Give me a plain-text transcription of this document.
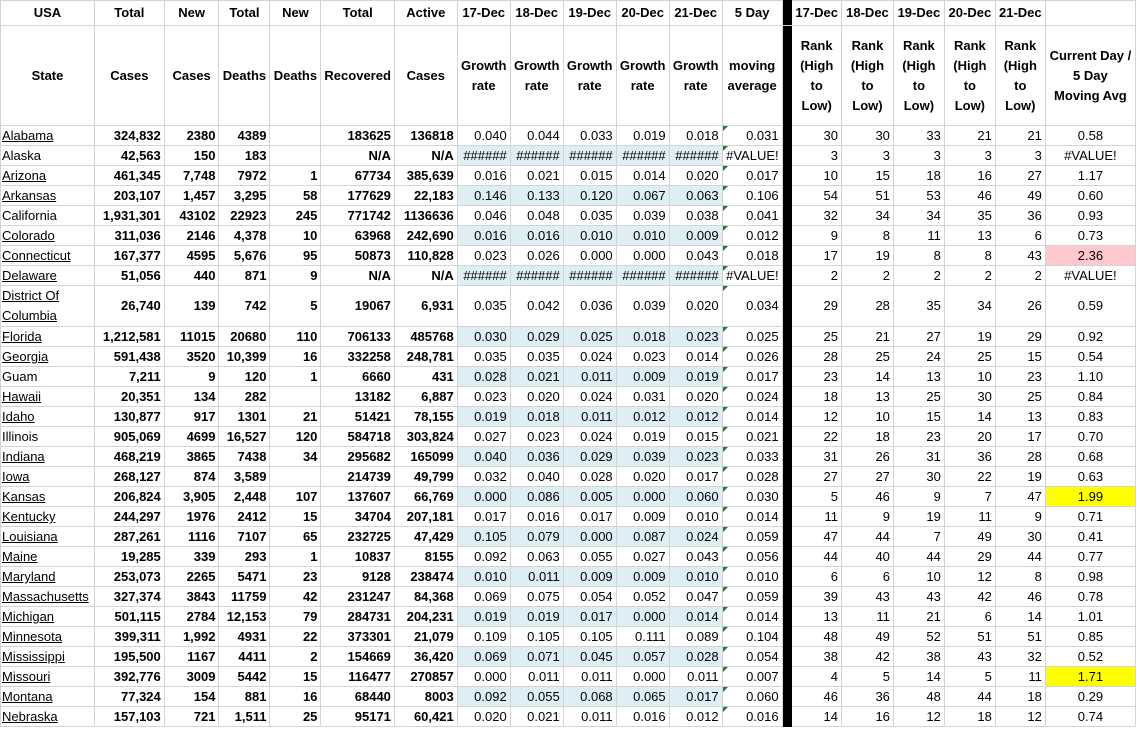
USA	Total	New	Total	New	Total	Active	17-Dec	18-Dec	19-Dec	20-Dec	21-Dec	5 Day		17-Dec	18-Dec	19-Dec	20-Dec	21-Dec	
State	Cases	Cases	Deaths	Deaths	Recovered	Cases	Growth rate	Growth rate	Growth rate	Growth rate	Growth rate	moving average		Rank (High to Low)	Rank (High to Low)	Rank (High to Low)	Rank (High to Low)	Rank (High to Low)	Current Day / 5 Day Moving Avg
Alabama	324,832	2380	4389		183625	136818	0.040	0.044	0.033	0.019	0.018	0.031		30	30	33	21	21	0.58
Alaska	42,563	150	183		N/A	N/A	######	######	######	######	######	#VALUE!		3	3	3	3	3	#VALUE!
Arizona	461,345	7,748	7972	1	67734	385,639	0.016	0.021	0.015	0.014	0.020	0.017		10	15	18	16	27	1.17
Arkansas	203,107	1,457	3,295	58	177629	22,183	0.146	0.133	0.120	0.067	0.063	0.106		54	51	53	46	49	0.60
California	1,931,301	43102	22923	245	771742	1136636	0.046	0.048	0.035	0.039	0.038	0.041		32	34	34	35	36	0.93
Colorado	311,036	2146	4,378	10	63968	242,690	0.016	0.016	0.010	0.010	0.009	0.012		9	8	11	13	6	0.73
Connecticut	167,377	4595	5,676	95	50873	110,828	0.023	0.026	0.000	0.000	0.043	0.018		17	19	8	8	43	2.36
Delaware	51,056	440	871	9	N/A	N/A	######	######	######	######	######	#VALUE!		2	2	2	2	2	#VALUE!
District Of Columbia	26,740	139	742	5	19067	6,931	0.035	0.042	0.036	0.039	0.020	0.034		29	28	35	34	26	0.59
Florida	1,212,581	11015	20680	110	706133	485768	0.030	0.029	0.025	0.018	0.023	0.025		25	21	27	19	29	0.92
Georgia	591,438	3520	10,399	16	332258	248,781	0.035	0.035	0.024	0.023	0.014	0.026		28	25	24	25	15	0.54
Guam	7,211	9	120	1	6660	431	0.028	0.021	0.011	0.009	0.019	0.017		23	14	13	10	23	1.10
Hawaii	20,351	134	282		13182	6,887	0.023	0.020	0.024	0.031	0.020	0.024		18	13	25	30	25	0.84
Idaho	130,877	917	1301	21	51421	78,155	0.019	0.018	0.011	0.012	0.012	0.014		12	10	15	14	13	0.83
Illinois	905,069	4699	16,527	120	584718	303,824	0.027	0.023	0.024	0.019	0.015	0.021		22	18	23	20	17	0.70
Indiana	468,219	3865	7438	34	295682	165099	0.040	0.036	0.029	0.039	0.023	0.033		31	26	31	36	28	0.68
Iowa	268,127	874	3,589		214739	49,799	0.032	0.040	0.028	0.020	0.017	0.028		27	27	30	22	19	0.63
Kansas	206,824	3,905	2,448	107	137607	66,769	0.000	0.086	0.005	0.000	0.060	0.030		5	46	9	7	47	1.99
Kentucky	244,297	1976	2412	15	34704	207,181	0.017	0.016	0.017	0.009	0.010	0.014		11	9	19	11	9	0.71
Louisiana	287,261	1116	7107	65	232725	47,429	0.105	0.079	0.000	0.087	0.024	0.059		47	44	7	49	30	0.41
Maine	19,285	339	293	1	10837	8155	0.092	0.063	0.055	0.027	0.043	0.056		44	40	44	29	44	0.77
Maryland	253,073	2265	5471	23	9128	238474	0.010	0.011	0.009	0.009	0.010	0.010		6	6	10	12	8	0.98
Massachusetts	327,374	3843	11759	42	231247	84,368	0.069	0.075	0.054	0.052	0.047	0.059		39	43	43	42	46	0.78
Michigan	501,115	2784	12,153	79	284731	204,231	0.019	0.019	0.017	0.000	0.014	0.014		13	11	21	6	14	1.01
Minnesota	399,311	1,992	4931	22	373301	21,079	0.109	0.105	0.105	0.111	0.089	0.104		48	49	52	51	51	0.85
Mississippi	195,500	1167	4411	2	154669	36,420	0.069	0.071	0.045	0.057	0.028	0.054		38	42	38	43	32	0.52
Missouri	392,776	3009	5442	15	116477	270857	0.000	0.011	0.011	0.000	0.011	0.007		4	5	14	5	11	1.71
Montana	77,324	154	881	16	68440	8003	0.092	0.055	0.068	0.065	0.017	0.060		46	36	48	44	18	0.29
Nebraska	157,103	721	1,511	25	95171	60,421	0.020	0.021	0.011	0.016	0.012	0.016		14	16	12	18	12	0.74
